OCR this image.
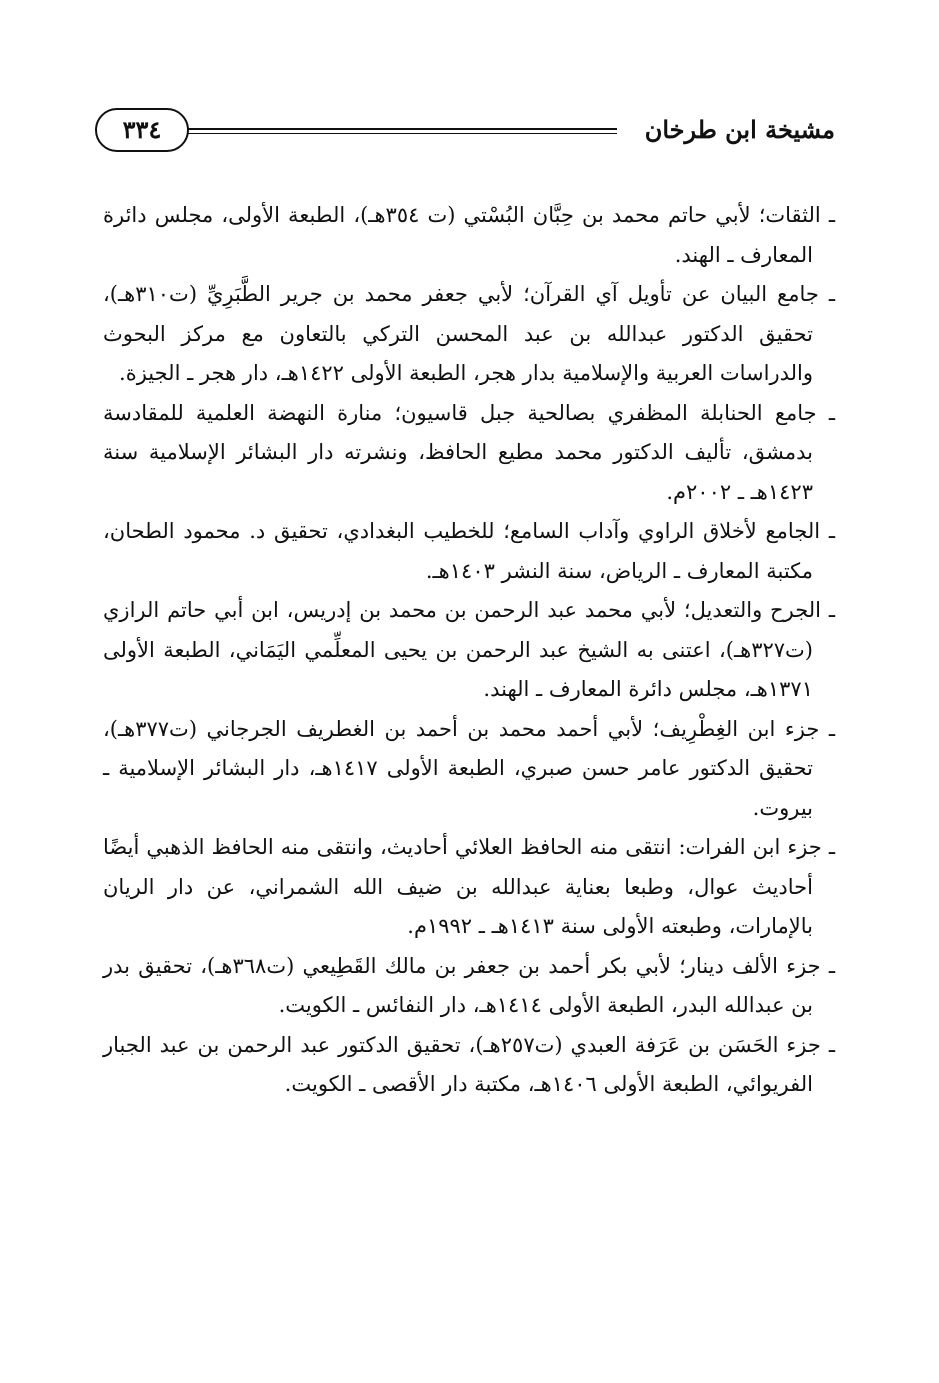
مشيخة ابن طرخان
٣٣٤

ـ الثقات؛ لأبي حاتم محمد بن حِبَّان البُسْتي (ت ٣٥٤هـ)، الطبعة الأولى، مجلس دائرة المعارف ـ الهند.

ـ جامع البيان عن تأويل آي القرآن؛ لأبي جعفر محمد بن جرير الطَّبَرِيِّ (ت٣١٠هـ)، تحقيق الدكتور عبدالله بن عبد المحسن التركي بالتعاون مع مركز البحوث والدراسات العربية والإسلامية بدار هجر، الطبعة الأولى ١٤٢٢هـ، دار هجر ـ الجيزة.

ـ جامع الحنابلة المظفري بصالحية جبل قاسيون؛ منارة النهضة العلمية للمقادسة بدمشق، تأليف الدكتور محمد مطيع الحافظ، ونشرته دار البشائر الإسلامية سنة ١٤٢٣هـ ـ ٢٠٠٢م.

ـ الجامع لأخلاق الراوي وآداب السامع؛ للخطيب البغدادي، تحقيق د. محمود الطحان، مكتبة المعارف ـ الرياض، سنة النشر ١٤٠٣هـ.

ـ الجرح والتعديل؛ لأبي محمد عبد الرحمن بن محمد بن إدريس، ابن أبي حاتم الرازي (ت٣٢٧هـ)، اعتنى به الشيخ عبد الرحمن بن يحيى المعلِّمي اليَمَاني، الطبعة الأولى ١٣٧١هـ، مجلس دائرة المعارف ـ الهند.

ـ جزء ابن الغِطْرِيف؛ لأبي أحمد محمد بن أحمد بن الغطريف الجرجاني (ت٣٧٧هـ)، تحقيق الدكتور عامر حسن صبري، الطبعة الأولى ١٤١٧هـ، دار البشائر الإسلامية ـ بيروت.

ـ جزء ابن الفرات: انتقى منه الحافظ العلائي أحاديث، وانتقى منه الحافظ الذهبي أيضًا أحاديث عوال، وطبعا بعناية عبدالله بن ضيف الله الشمراني، عن دار الريان بالإمارات، وطبعته الأولى سنة ١٤١٣هـ ـ ١٩٩٢م.

ـ جزء الألف دينار؛ لأبي بكر أحمد بن جعفر بن مالك القَطِيعي (ت٣٦٨هـ)، تحقيق بدر بن عبدالله البدر، الطبعة الأولى ١٤١٤هـ، دار النفائس ـ الكويت.

ـ جزء الحَسَن بن عَرَفة العبدي (ت٢٥٧هـ)، تحقيق الدكتور عبد الرحمن بن عبد الجبار الفريوائي، الطبعة الأولى ١٤٠٦هـ، مكتبة دار الأقصى ـ الكويت.
